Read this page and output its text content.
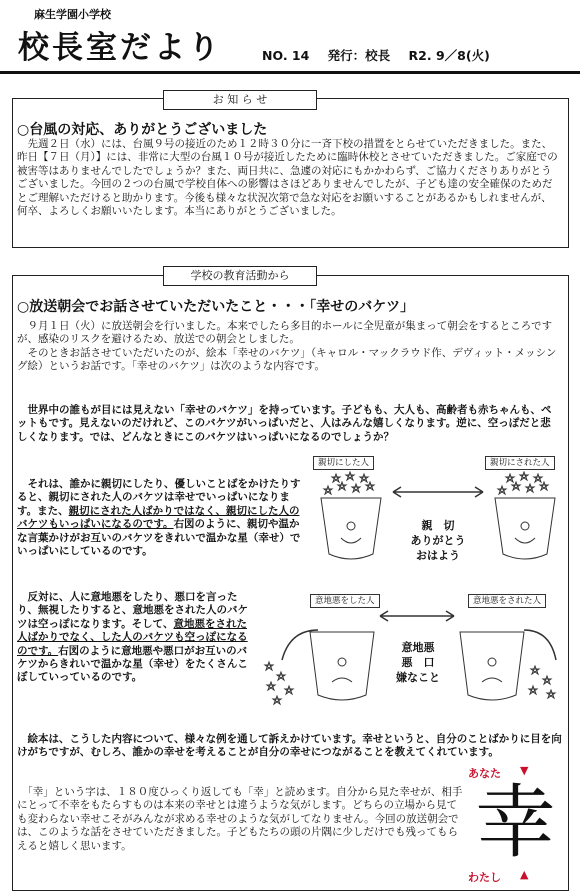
麻生学園小学校
校長室だより	NO. 14 発行：校長 R2. 9／8(火)
お 知 ら せ
○台風の対応、ありがとうございました
　先週２日（水）には、台風９号の接近のため１２時３０分に一斉下校の措置をとらせていただきました。また、昨日【７日（月）】には、非常に大型の台風１０号が接近したために臨時休校とさせていただきました。ご家庭での被害等はありませんでしたでしょうか？また、両日共に、急遽の対応にもかかわらず、ご協力くださりありがとうございました。今回の２つの台風で学校自体への影響はさほどありませんでしたが、子ども達の安全確保のためだとご理解いただけると助かります。今後も様々な状況次第で急な対応をお願いすることがあるかもしれませんが、何卒、よろしくお願いいたします。本当にありがとうございました。
学校の教育活動から
○放送朝会でお話させていただいたこと・・・「幸せのバケツ」
　９月１日（火）に放送朝会を行いました。本来でしたら多目的ホールに全児童が集まって朝会をするところですが、感染のリスクを避けるため、放送での朝会としました。
　そのときお話させていただいたのが、絵本「幸せのバケツ」（キャロル・マックラウド作、デヴィット・メッシング絵）というお話です。「幸せのバケツ」は次のような内容です。
　世界中の誰もが目には見えない「幸せのバケツ」を持っています。子どもも、大人も、高齢者も赤ちゃんも、ペットもです。見えないのだけれど、このバケツがいっぱいだと、人はみんな嬉しくなります。逆に、空っぽだと悲しくなります。では、どんなときにこのバケツはいっぱいになるのでしょうか？
　それは、誰かに親切にしたり、優しいことばをかけたりすると、親切にされた人のバケツは幸せでいっぱいになります。また、親切にされた人ばかりではなく、親切にした人のバケツもいっぱいになるのです。右図のように、親切や温かな言葉かけがお互いのバケツをきれいで温かな星（幸せ）でいっぱいにしているのです。
　反対に、人に意地悪をしたり、悪口を言ったり、無視したりすると、意地悪をされた人のバケツは空っぽになります。そして、意地悪をされた人ばかりでなく、した人のバケツも空っぽになるのです。右図のように意地悪や悪口がお互いのバケツからきれいで温かな星（幸せ）をたくさんこぼしていっているのです。
親切にした人	親切にされた人
親　切
ありがとう
おはよう
意地悪をした人	意地悪をされた人
意地悪
悪　口
嫌なこと
　絵本は、こうした内容について、様々な例を通して訴えかけています。幸せというと、自分のことばかりに目を向けがちですが、むしろ、誰かの幸せを考えることが自分の幸せにつながることを教えてくれています。
　「幸」という字は、１８０度ひっくり返しても「幸」と読めます。自分から見た幸せが、相手にとって不幸をもたらすものは本来の幸せとは違うような気がします。どちらの立場から見ても変わらない幸せこそがみんなが求める幸せのような気がしてなりません。今回の放送朝会では、このような話をさせていただきました。子どもたちの頭の片隅に少しだけでも残ってもらえると嬉しく思います。
あなた ▼
幸
わたし ▲
